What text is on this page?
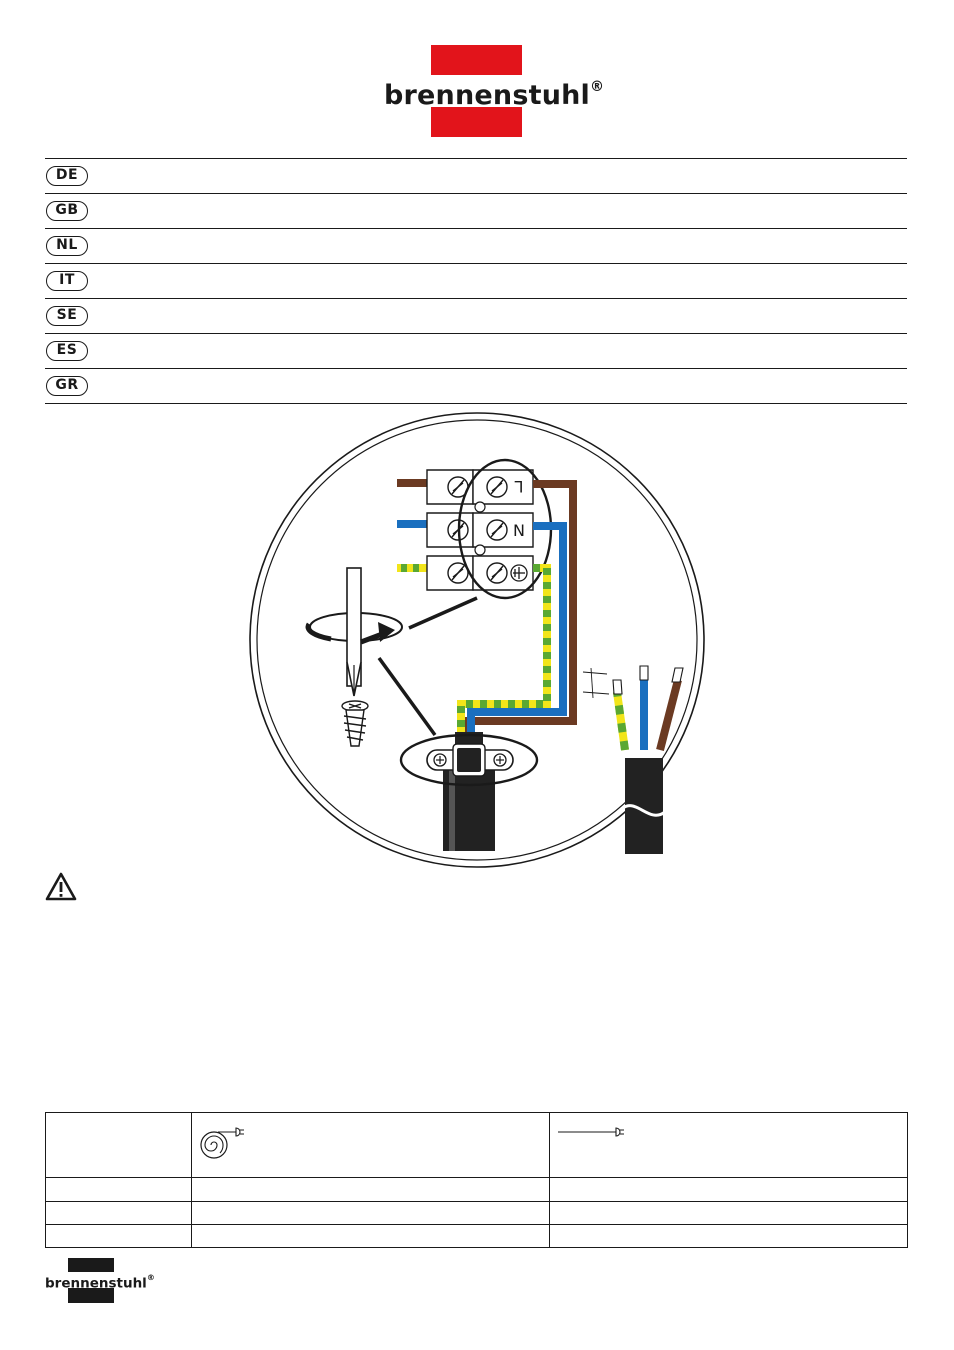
brennenstuhl®
DE
GB
NL
IT
SE
ES
GR
L
N
brennenstuhl®
